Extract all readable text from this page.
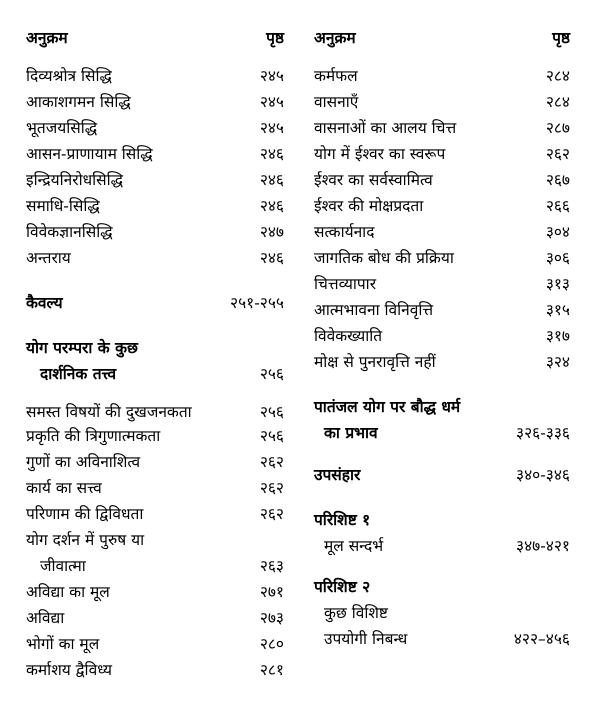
अनुक्रम	पृष्ठ
दिव्यश्रोत्र सिद्धि	२४५
आकाशगमन सिद्धि	२४५
भूतजयसिद्धि	२४५
आसन-प्राणायाम सिद्धि	२४६
इन्द्रियनिरोधसिद्धि	२४६
समाधि-सिद्धि	२४६
विवेकज्ञानसिद्धि	२४७
अन्तराय	२४६
कैवल्य	२५१-२५५
योग परम्परा के कुछ
दार्शनिक तत्त्व	२५६
समस्त विषयों की दुखजनकता	२५६
प्रकृति की त्रिगुणात्मकता	२५६
गुणों का अविनाशित्व	२६२
कार्य का सत्त्व	२६२
परिणाम की द्विविधता	२६२
योग दर्शन में पुरुष या
जीवात्मा	२६३
अविद्या का मूल	२७१
अविद्या	२७३
भोगों का मूल	२८०
कर्माशय द्वैविध्य	२८१
अनुक्रम	पृष्ठ
कर्मफल	२८४
वासनाएँ	२८४
वासनाओं का आलय चित्त	२८७
योग में ईश्वर का स्वरूप	२६२
ईश्वर का सर्वस्वामित्व	२६७
ईश्वर की मोक्षप्रदता	२६६
सत्कार्यनाद	३०४
जागतिक बोध की प्रक्रिया	३०६
चित्तव्यापार	३१३
आत्मभावना विनिवृत्ति	३१५
विवेकख्याति	३१७
मोक्ष से पुनरावृत्ति नहीं	३२४
पातंजल योग पर बौद्ध धर्म
का प्रभाव	३२६-३३६
उपसंहार	३४०-३४६
परिशिष्ट १
मूल सन्दर्भ	३४७-४२१
परिशिष्ट २
कुछ विशिष्ट
उपयोगी निबन्ध	४२२–४५६
